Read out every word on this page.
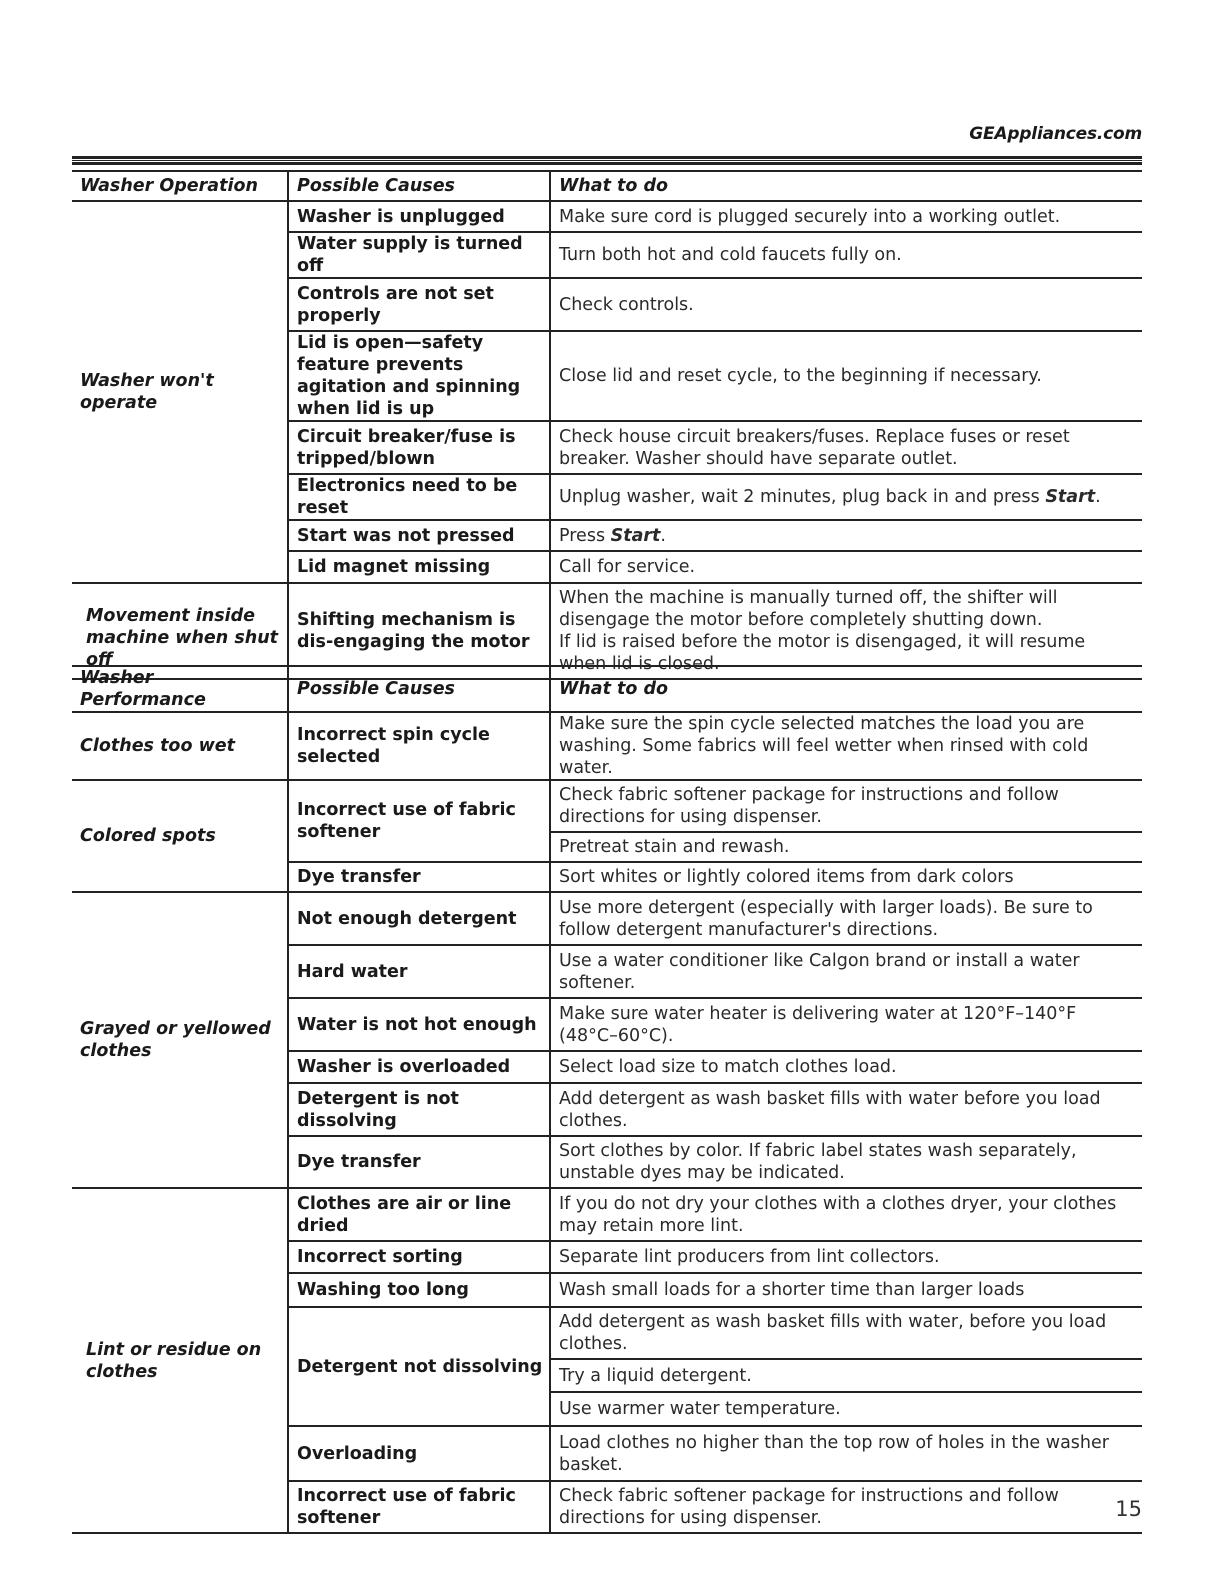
GEAppliances.com
Washer Operation	Possible Causes	What to do
Washer won't operate	Washer is unplugged	Make sure cord is plugged securely into a working outlet.
	Water supply is turned off	Turn both hot and cold faucets fully on.
	Controls are not set properly	Check controls.
	Lid is open—safety feature prevents agitation and spinning when lid is up	Close lid and reset cycle, to the beginning if necessary.
	Circuit breaker/fuse is tripped/blown	Check house circuit breakers/fuses. Replace fuses or reset breaker. Washer should have separate outlet.
	Electronics need to be reset	Unplug washer, wait 2 minutes, plug back in and press Start.
	Start was not pressed	Press Start.
	Lid magnet missing	Call for service.
Movement inside machine when shut off	Shifting mechanism is dis-engaging the motor	When the machine is manually turned off, the shifter will disengage the motor before completely shutting down.
If lid is raised before the motor is disengaged, it will resume when lid is closed.
Washer Performance	Possible Causes	What to do
Clothes too wet	Incorrect spin cycle selected	Make sure the spin cycle selected matches the load you are washing. Some fabrics will feel wetter when rinsed with cold water.
Colored spots	Incorrect use of fabric softener	Check fabric softener package for instructions and follow directions for using dispenser.
		Pretreat stain and rewash.
	Dye transfer	Sort whites or lightly colored items from dark colors
Grayed or yellowed clothes	Not enough detergent	Use more detergent (especially with larger loads). Be sure to follow detergent manufacturer's directions.
	Hard water	Use a water conditioner like Calgon brand or install a water softener.
	Water is not hot enough	Make sure water heater is delivering water at 120°F–140°F (48°C–60°C).
	Washer is overloaded	Select load size to match clothes load.
	Detergent is not dissolving	Add detergent as wash basket fills with water before you load clothes.
	Dye transfer	Sort clothes by color. If fabric label states wash separately, unstable dyes may be indicated.
Lint or residue on clothes	Clothes are air or line dried	If you do not dry your clothes with a clothes dryer, your clothes may retain more lint.
	Incorrect sorting	Separate lint producers from lint collectors.
	Washing too long	Wash small loads for a shorter time than larger loads
	Detergent not dissolving	Add detergent as wash basket fills with water, before you load clothes.
		Try a liquid detergent.
		Use warmer water temperature.
	Overloading	Load clothes no higher than the top row of holes in the washer basket.
	Incorrect use of fabric softener	Check fabric softener package for instructions and follow directions for using dispenser.	15
